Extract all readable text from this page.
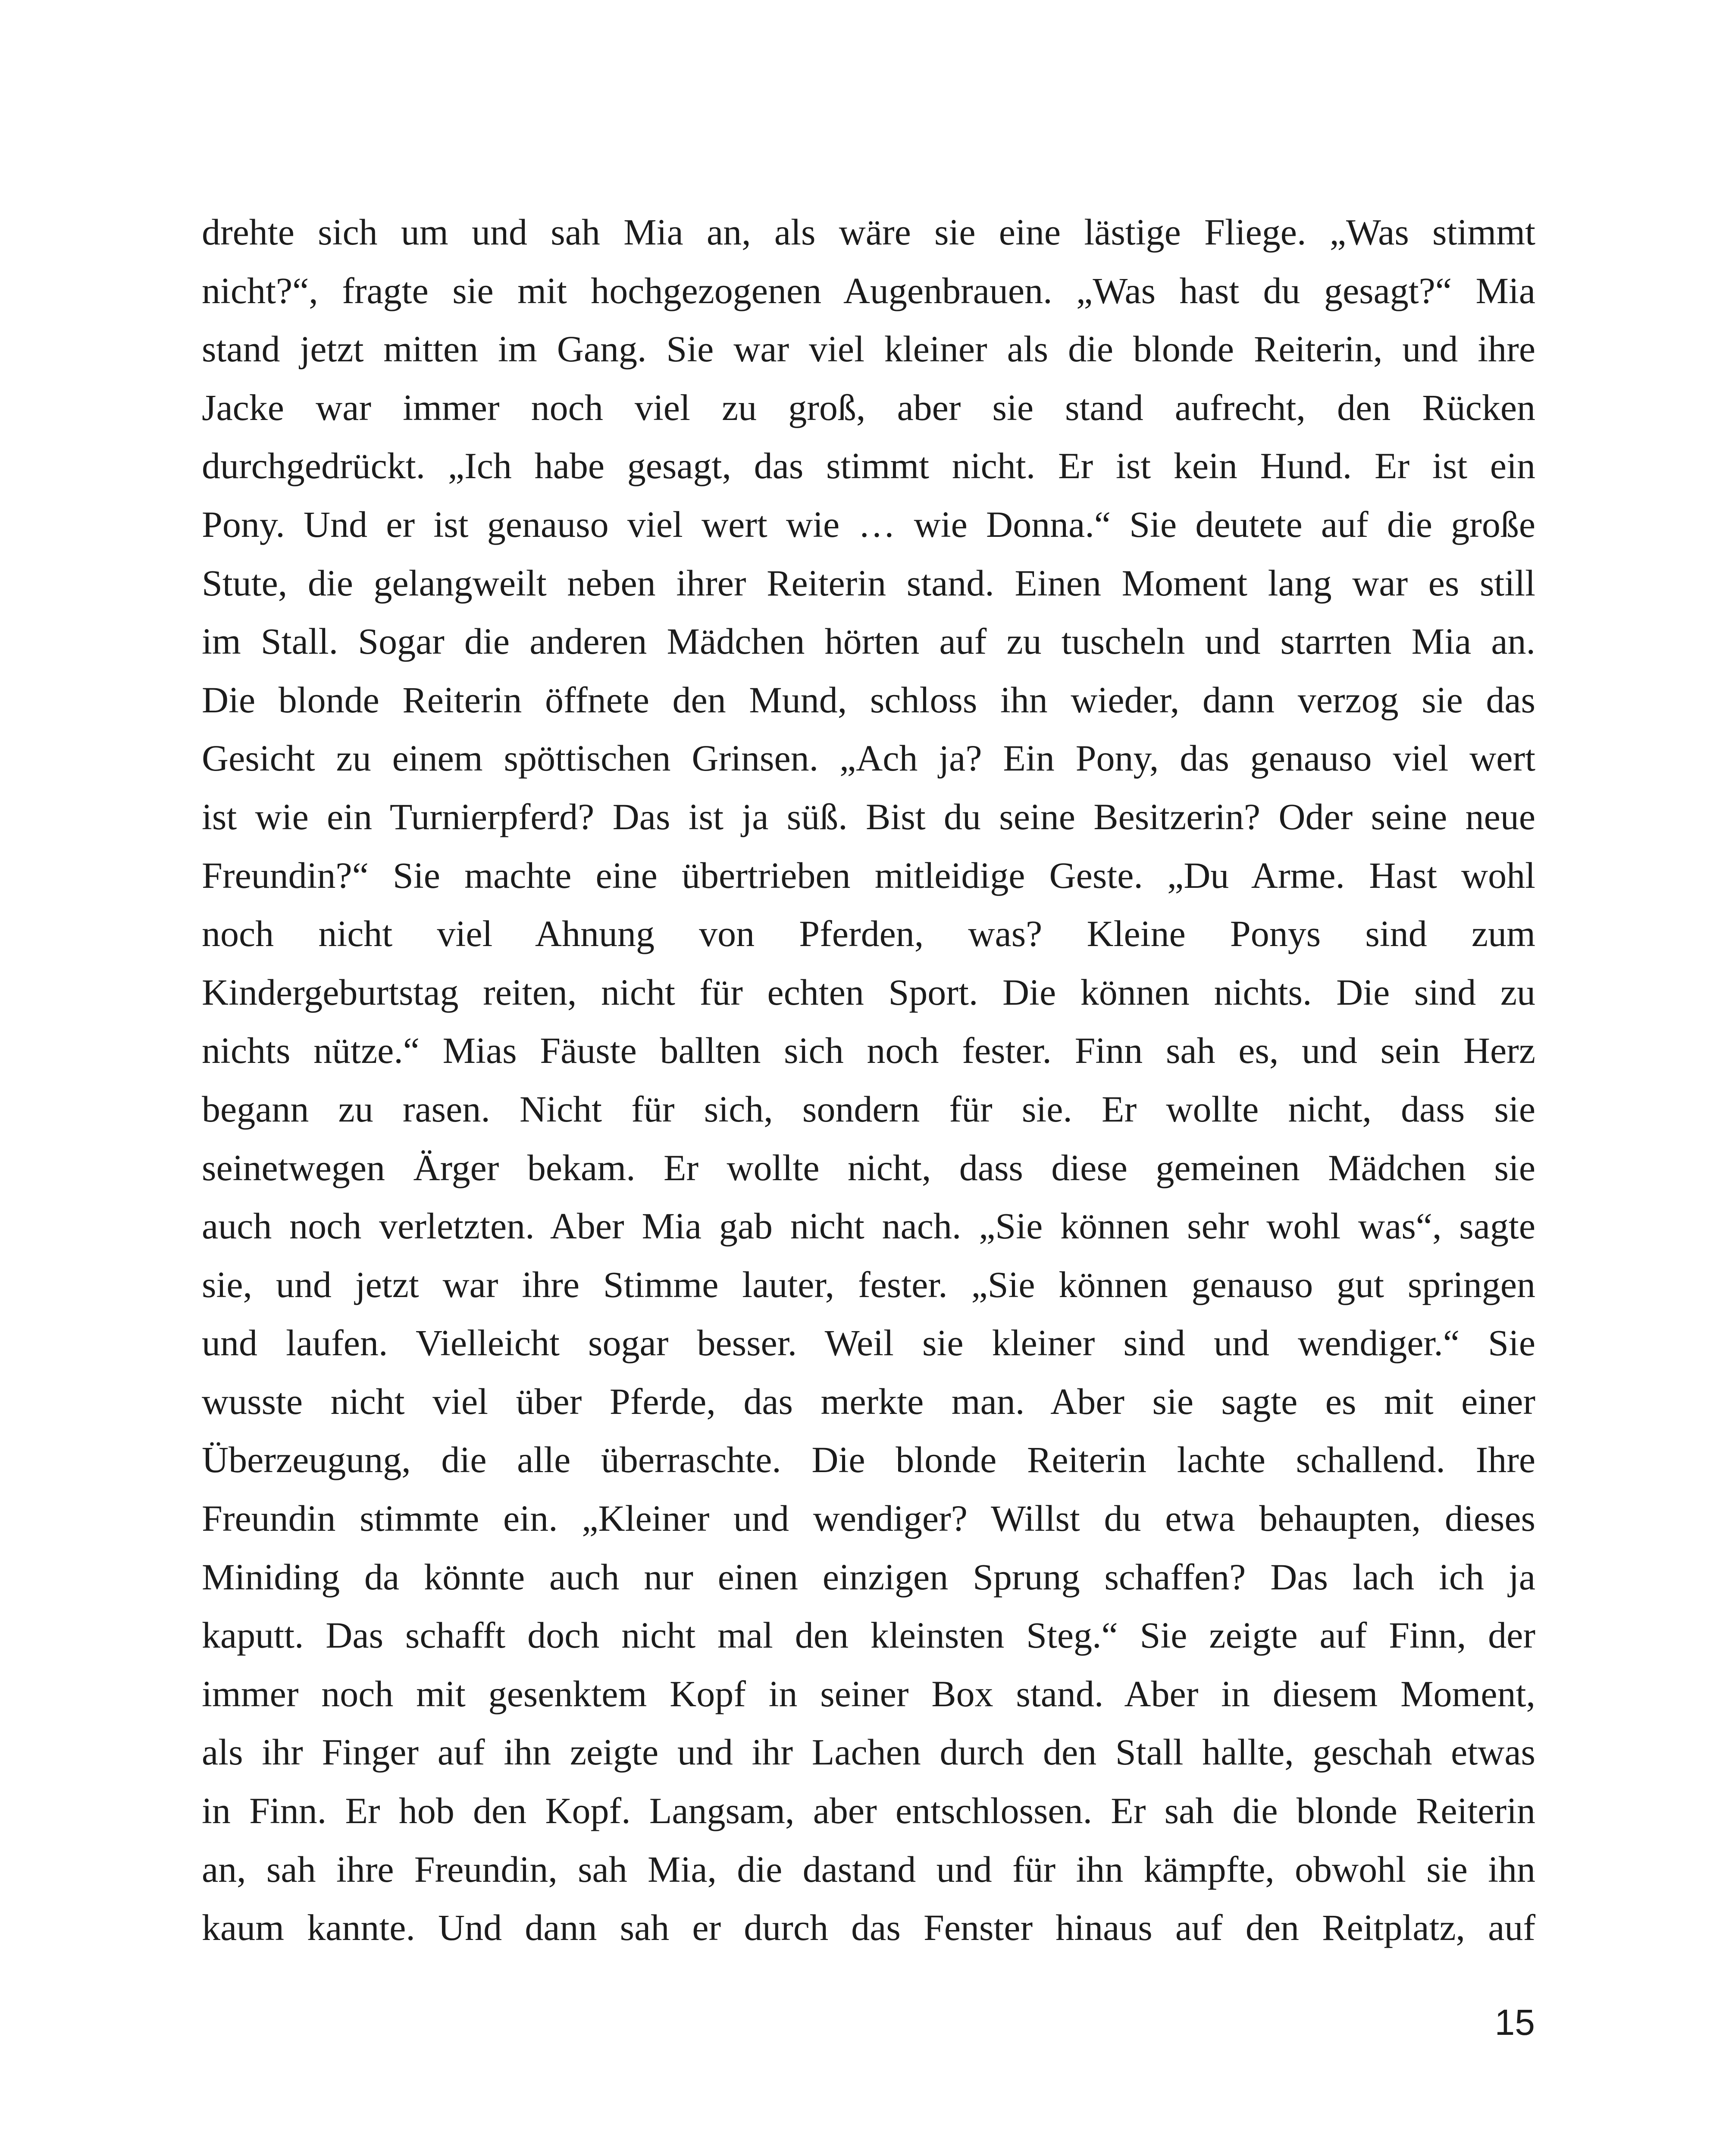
drehte sich um und sah Mia an, als wäre sie eine lästige Fliege. „Was stimmt
nicht?“, fragte sie mit hochgezogenen Augenbrauen. „Was hast du gesagt?“ Mia
stand jetzt mitten im Gang. Sie war viel kleiner als die blonde Reiterin, und ihre
Jacke war immer noch viel zu groß, aber sie stand aufrecht, den Rücken
durchgedrückt. „Ich habe gesagt, das stimmt nicht. Er ist kein Hund. Er ist ein
Pony. Und er ist genauso viel wert wie … wie Donna.“ Sie deutete auf die große
Stute, die gelangweilt neben ihrer Reiterin stand. Einen Moment lang war es still
im Stall. Sogar die anderen Mädchen hörten auf zu tuscheln und starrten Mia an.
Die blonde Reiterin öffnete den Mund, schloss ihn wieder, dann verzog sie das
Gesicht zu einem spöttischen Grinsen. „Ach ja? Ein Pony, das genauso viel wert
ist wie ein Turnierpferd? Das ist ja süß. Bist du seine Besitzerin? Oder seine neue
Freundin?“ Sie machte eine übertrieben mitleidige Geste. „Du Arme. Hast wohl
noch nicht viel Ahnung von Pferden, was? Kleine Ponys sind zum
Kindergeburtstag reiten, nicht für echten Sport. Die können nichts. Die sind zu
nichts nütze.“ Mias Fäuste ballten sich noch fester. Finn sah es, und sein Herz
begann zu rasen. Nicht für sich, sondern für sie. Er wollte nicht, dass sie
seinetwegen Ärger bekam. Er wollte nicht, dass diese gemeinen Mädchen sie
auch noch verletzten. Aber Mia gab nicht nach. „Sie können sehr wohl was“, sagte
sie, und jetzt war ihre Stimme lauter, fester. „Sie können genauso gut springen
und laufen. Vielleicht sogar besser. Weil sie kleiner sind und wendiger.“ Sie
wusste nicht viel über Pferde, das merkte man. Aber sie sagte es mit einer
Überzeugung, die alle überraschte. Die blonde Reiterin lachte schallend. Ihre
Freundin stimmte ein. „Kleiner und wendiger? Willst du etwa behaupten, dieses
Miniding da könnte auch nur einen einzigen Sprung schaffen? Das lach ich ja
kaputt. Das schafft doch nicht mal den kleinsten Steg.“ Sie zeigte auf Finn, der
immer noch mit gesenktem Kopf in seiner Box stand. Aber in diesem Moment,
als ihr Finger auf ihn zeigte und ihr Lachen durch den Stall hallte, geschah etwas
in Finn. Er hob den Kopf. Langsam, aber entschlossen. Er sah die blonde Reiterin
an, sah ihre Freundin, sah Mia, die dastand und für ihn kämpfte, obwohl sie ihn
kaum kannte. Und dann sah er durch das Fenster hinaus auf den Reitplatz, auf
15
